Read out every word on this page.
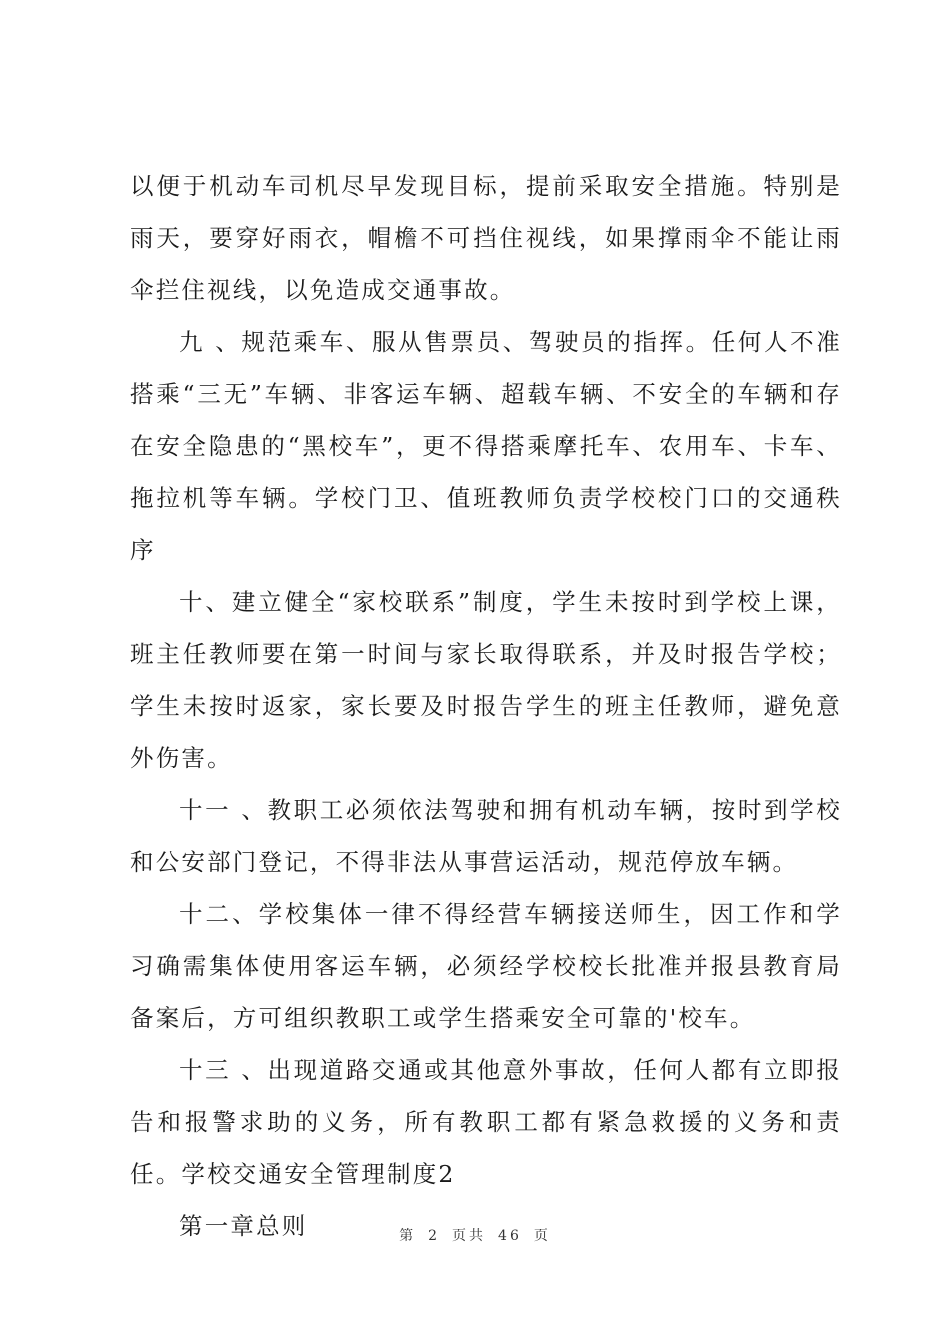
以便于机动车司机尽早发现目标，提前采取安全措施。特别是雨天，要穿好雨衣，帽檐不可挡住视线，如果撑雨伞不能让雨伞拦住视线，以免造成交通事故。

九 、规范乘车、服从售票员、驾驶员的指挥。任何人不准搭乘“三无”车辆、非客运车辆、超载车辆、不安全的车辆和存在安全隐患的“黑校车”，更不得搭乘摩托车、农用车、卡车、拖拉机等车辆。学校门卫、值班教师负责学校校门口的交通秩序

十、建立健全“家校联系”制度，学生未按时到学校上课，班主任教师要在第一时间与家长取得联系，并及时报告学校；学生未按时返家，家长要及时报告学生的班主任教师，避免意外伤害。

十一 、教职工必须依法驾驶和拥有机动车辆，按时到学校和公安部门登记，不得非法从事营运活动，规范停放车辆。

十二、学校集体一律不得经营车辆接送师生，因工作和学习确需集体使用客运车辆，必须经学校校长批准并报县教育局备案后，方可组织教职工或学生搭乘安全可靠的'校车。

十三 、出现道路交通或其他意外事故，任何人都有立即报告和报警求助的义务，所有教职工都有紧急救援的义务和责任。学校交通安全管理制度2

第一章总则	第 2 页共 46 页
